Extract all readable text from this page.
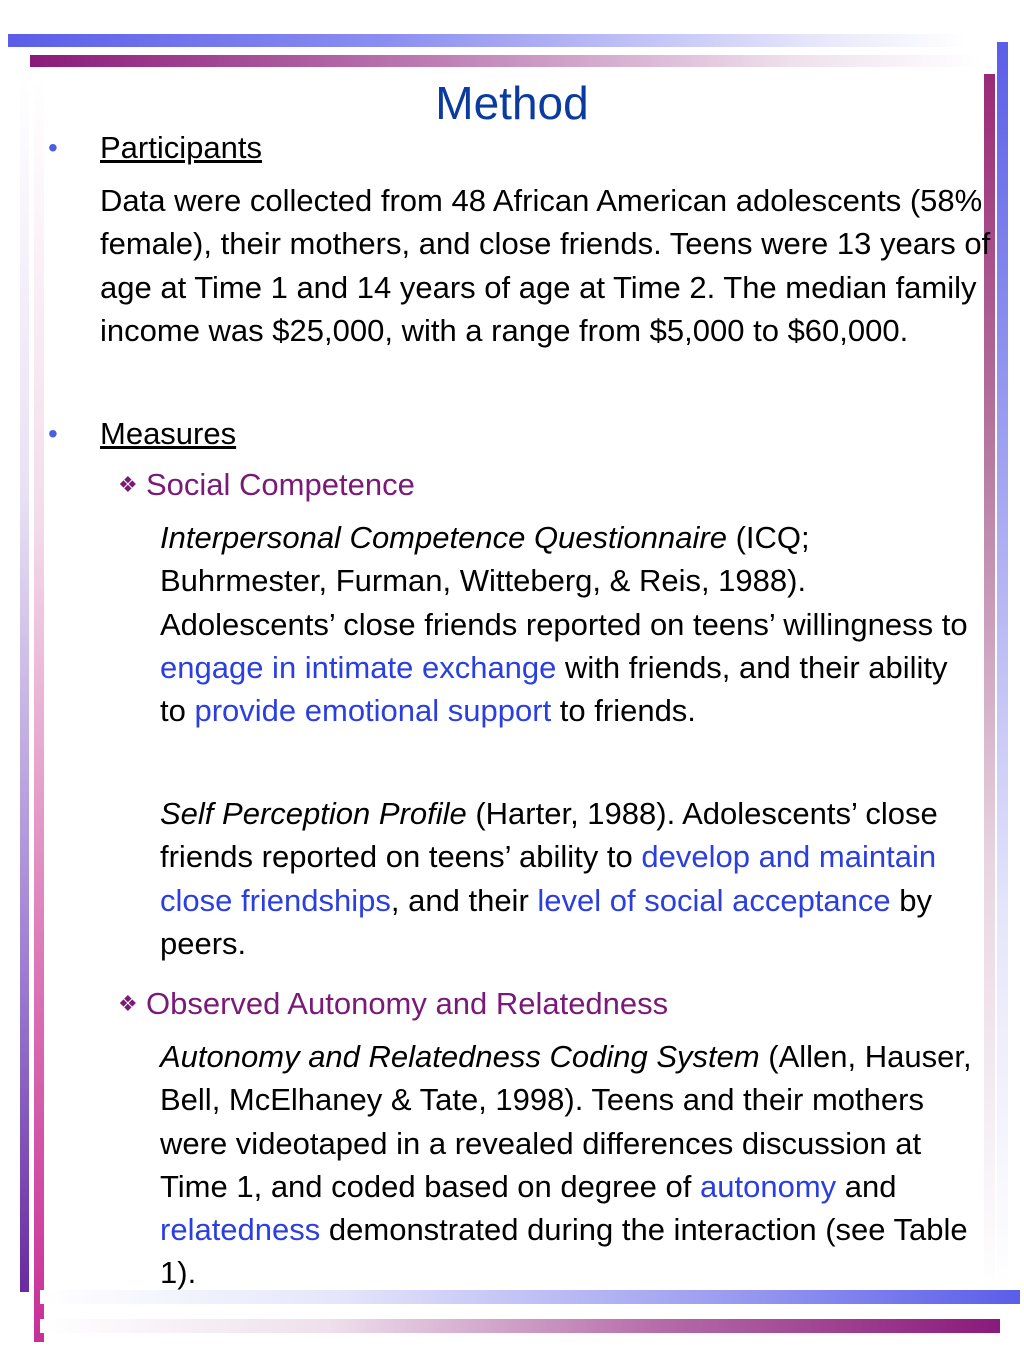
Method
• Participants
Data were collected from 48 African American adolescents (58% female), their mothers, and close friends. Teens were 13 years of age at Time 1 and 14 years of age at Time 2. The median family income was $25,000, with a range from $5,000 to $60,000.
• Measures
❖ Social Competence
Interpersonal Competence Questionnaire (ICQ; Buhrmester, Furman, Witteberg, & Reis, 1988). Adolescents’ close friends reported on teens’ willingness to engage in intimate exchange with friends, and their ability to provide emotional support to friends.
Self Perception Profile (Harter, 1988). Adolescents’ close friends reported on teens’ ability to develop and maintain close friendships, and their level of social acceptance by peers.
❖ Observed Autonomy and Relatedness
Autonomy and Relatedness Coding System (Allen, Hauser, Bell, McElhaney & Tate, 1998). Teens and their mothers were videotaped in a revealed differences discussion at Time 1, and coded based on degree of autonomy and relatedness demonstrated during the interaction (see Table 1).
